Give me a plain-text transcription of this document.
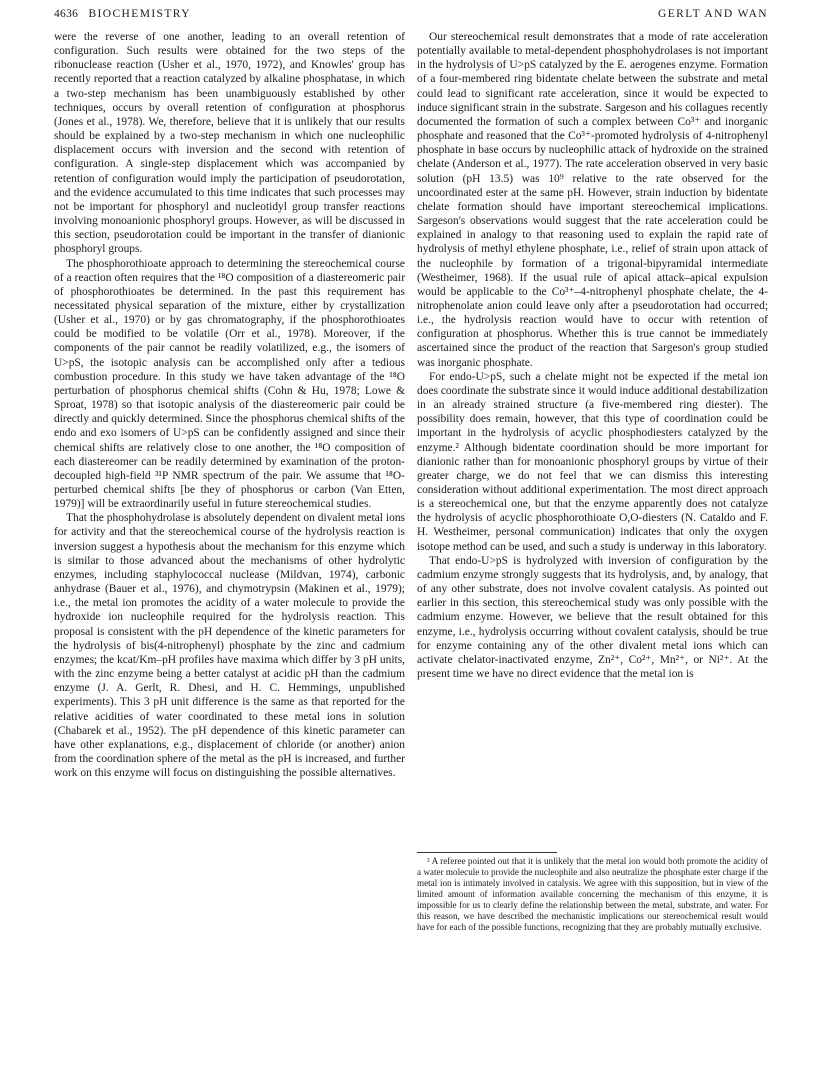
4636 BIOCHEMISTRY	GERLT AND WAN

were the reverse of one another, leading to an overall retention of configuration. Such results were obtained for the two steps of the ribonuclease reaction (Usher et al., 1970, 1972), and Knowles' group has recently reported that a reaction catalyzed by alkaline phosphatase, in which a two-step mechanism has been unambiguously established by other techniques, occurs by overall retention of configuration at phosphorus (Jones et al., 1978). We, therefore, believe that it is unlikely that our results should be explained by a two-step mechanism in which one nucleophilic displacement occurs with inversion and the second with retention of configuration. A single-step displacement which was accompanied by retention of configuration would imply the participation of pseudorotation, and the evidence accumulated to this time indicates that such processes may not be important for phosphoryl and nucleotidyl group transfer reactions involving monoanionic phosphoryl groups. However, as will be discussed in this section, pseudorotation could be important in the transfer of dianionic phosphoryl groups.

The phosphorothioate approach to determining the stereochemical course of a reaction often requires that the ¹⁸O composition of a diastereomeric pair of phosphorothioates be determined. In the past this requirement has necessitated physical separation of the mixture, either by crystallization (Usher et al., 1970) or by gas chromatography, if the phosphorothioates could be modified to be volatile (Orr et al., 1978). Moreover, if the components of the pair cannot be readily volatilized, e.g., the isomers of U>pS, the isotopic analysis can be accomplished only after a tedious combustion procedure. In this study we have taken advantage of the ¹⁸O perturbation of phosphorus chemical shifts (Cohn & Hu, 1978; Lowe & Sproat, 1978) so that isotopic analysis of the diastereomeric pair could be directly and quickly determined. Since the phosphorus chemical shifts of the endo and exo isomers of U>pS can be confidently assigned and since their chemical shifts are relatively close to one another, the ¹⁸O composition of each diastereomer can be readily determined by examination of the proton-decoupled high-field ³¹P NMR spectrum of the pair. We assume that ¹⁸O-perturbed chemical shifts [be they of phosphorus or carbon (Van Etten, 1979)] will be extraordinarily useful in future stereochemical studies.

That the phosphohydrolase is absolutely dependent on divalent metal ions for activity and that the stereochemical course of the hydrolysis reaction is inversion suggest a hypothesis about the mechanism for this enzyme which is similar to those advanced about the mechanisms of other hydrolytic enzymes, including staphylococcal nuclease (Mildvan, 1974), carbonic anhydrase (Bauer et al., 1976), and chymotrypsin (Makinen et al., 1979); i.e., the metal ion promotes the acidity of a water molecule to provide the hydroxide ion nucleophile required for the hydrolysis reaction. This proposal is consistent with the pH dependence of the kinetic parameters for the hydrolysis of bis(4-nitrophenyl) phosphate by the zinc and cadmium enzymes; the kcat/Km–pH profiles have maxima which differ by 3 pH units, with the zinc enzyme being a better catalyst at acidic pH than the cadmium enzyme (J. A. Gerlt, R. Dhesi, and H. C. Hemmings, unpublished experiments). This 3 pH unit difference is the same as that reported for the relative acidities of water coordinated to these metal ions in solution (Chabarek et al., 1952). The pH dependence of this kinetic parameter can have other explanations, e.g., displacement of chloride (or another) anion from the coordination sphere of the metal as the pH is increased, and further work on this enzyme will focus on distinguishing the possible alternatives.

Our stereochemical result demonstrates that a mode of rate acceleration potentially available to metal-dependent phosphohydrolases is not important in the hydrolysis of U>pS catalyzed by the E. aerogenes enzyme. Formation of a four-membered ring bidentate chelate between the substrate and metal could lead to significant rate acceleration, since it would be expected to induce significant strain in the substrate. Sargeson and his collagues recently documented the formation of such a complex between Co³⁺ and inorganic phosphate and reasoned that the Co³⁺-promoted hydrolysis of 4-nitrophenyl phosphate in base occurs by nucleophilic attack of hydroxide on the strained chelate (Anderson et al., 1977). The rate acceleration observed in very basic solution (pH 13.5) was 10⁹ relative to the rate observed for the uncoordinated ester at the same pH. However, strain induction by bidentate chelate formation should have important stereochemical implications. Sargeson's observations would suggest that the rate acceleration could be explained in analogy to that reasoning used to explain the rapid rate of hydrolysis of methyl ethylene phosphate, i.e., relief of strain upon attack of the nucleophile by formation of a trigonal-bipyramidal intermediate (Westheimer, 1968). If the usual rule of apical attack–apical expulsion would be applicable to the Co³⁺–4-nitrophenyl phosphate chelate, the 4-nitrophenolate anion could leave only after a pseudorotation had occurred; i.e., the hydrolysis reaction would have to occur with retention of configuration at phosphorus. Whether this is true cannot be immediately ascertained since the product of the reaction that Sargeson's group studied was inorganic phosphate.

For endo-U>pS, such a chelate might not be expected if the metal ion does coordinate the substrate since it would induce additional destabilization in an already strained structure (a five-membered ring diester). The possibility does remain, however, that this type of coordination could be important in the hydrolysis of acyclic phosphodiesters catalyzed by the enzyme.² Although bidentate coordination should be more important for dianionic rather than for monoanionic phosphoryl groups by virtue of their greater charge, we do not feel that we can dismiss this interesting consideration without additional experimentation. The most direct approach is a stereochemical one, but that the enzyme apparently does not catalyze the hydrolysis of acyclic phosphorothioate O,O-diesters (N. Cataldo and F. H. Westheimer, personal communication) indicates that only the oxygen isotope method can be used, and such a study is underway in this laboratory.

That endo-U>pS is hydrolyzed with inversion of configuration by the cadmium enzyme strongly suggests that its hydrolysis, and, by analogy, that of any other substrate, does not involve covalent catalysis. As pointed out earlier in this section, this stereochemical study was only possible with the cadmium enzyme. However, we believe that the result obtained for this enzyme, i.e., hydrolysis occurring without covalent catalysis, should be true for enzyme containing any of the other divalent metal ions which can activate chelator-inactivated enzyme, Zn²⁺, Co²⁺, Mn²⁺, or Ni²⁺. At the present time we have no direct evidence that the metal ion is

² A referee pointed out that it is unlikely that the metal ion would both promote the acidity of a water molecule to provide the nucleophile and also neutralize the phosphate ester charge if the metal ion is intimately involved in catalysis. We agree with this supposition, but in view of the limited amount of information available concerning the mechanism of this enzyme, it is impossible for us to clearly define the relationship between the metal, substrate, and water. For this reason, we have described the mechanistic implications our stereochemical result would have for each of the possible functions, recognizing that they are probably mutually exclusive.
